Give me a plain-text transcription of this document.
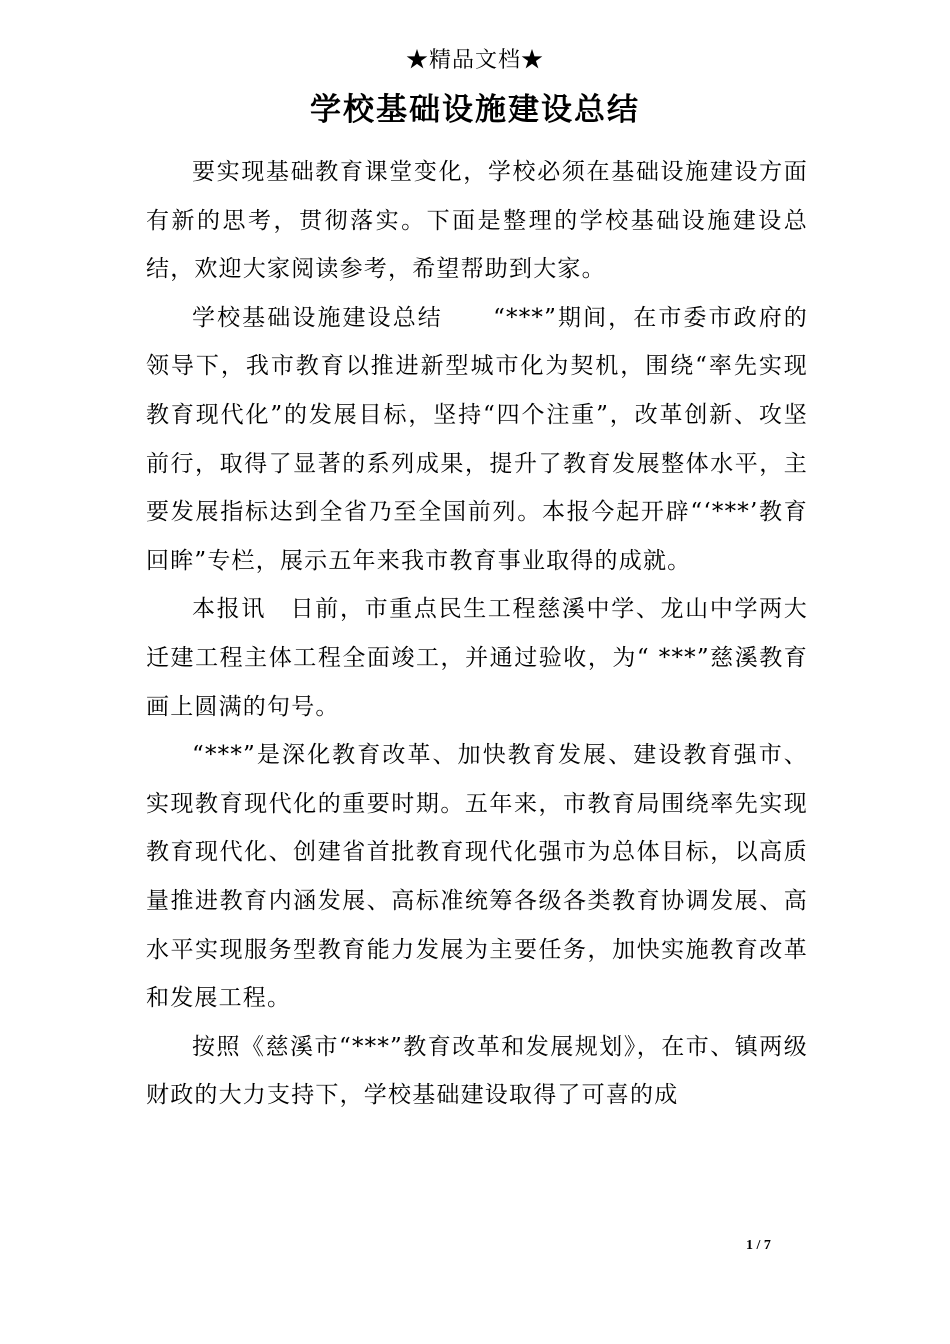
★精品文档★
学校基础设施建设总结

要实现基础教育课堂变化，学校必须在基础设施建设方面有新的思考，贯彻落实。下面是整理的学校基础设施建设总结，欢迎大家阅读参考，希望帮助到大家。

学校基础设施建设总结　　“***”期间，在市委市政府的领导下，我市教育以推进新型城市化为契机，围绕“率先实现教育现代化”的发展目标，坚持“四个注重”，改革创新、攻坚前行，取得了显著的系列成果，提升了教育发展整体水平，主要发展指标达到全省乃至全国前列。本报今起开辟“‘***’教育回眸”专栏，展示五年来我市教育事业取得的成就。

本报讯　日前，市重点民生工程慈溪中学、龙山中学两大迁建工程主体工程全面竣工，并通过验收，为“ ***”慈溪教育画上圆满的句号。

“***”是深化教育改革、加快教育发展、建设教育强市、实现教育现代化的重要时期。五年来，市教育局围绕率先实现教育现代化、创建省首批教育现代化强市为总体目标，以高质量推进教育内涵发展、高标准统筹各级各类教育协调发展、高水平实现服务型教育能力发展为主要任务，加快实施教育改革和发展工程。

按照《慈溪市“***”教育改革和发展规划》，在市、镇两级财政的大力支持下，学校基础建设取得了可喜的成

1 / 7
